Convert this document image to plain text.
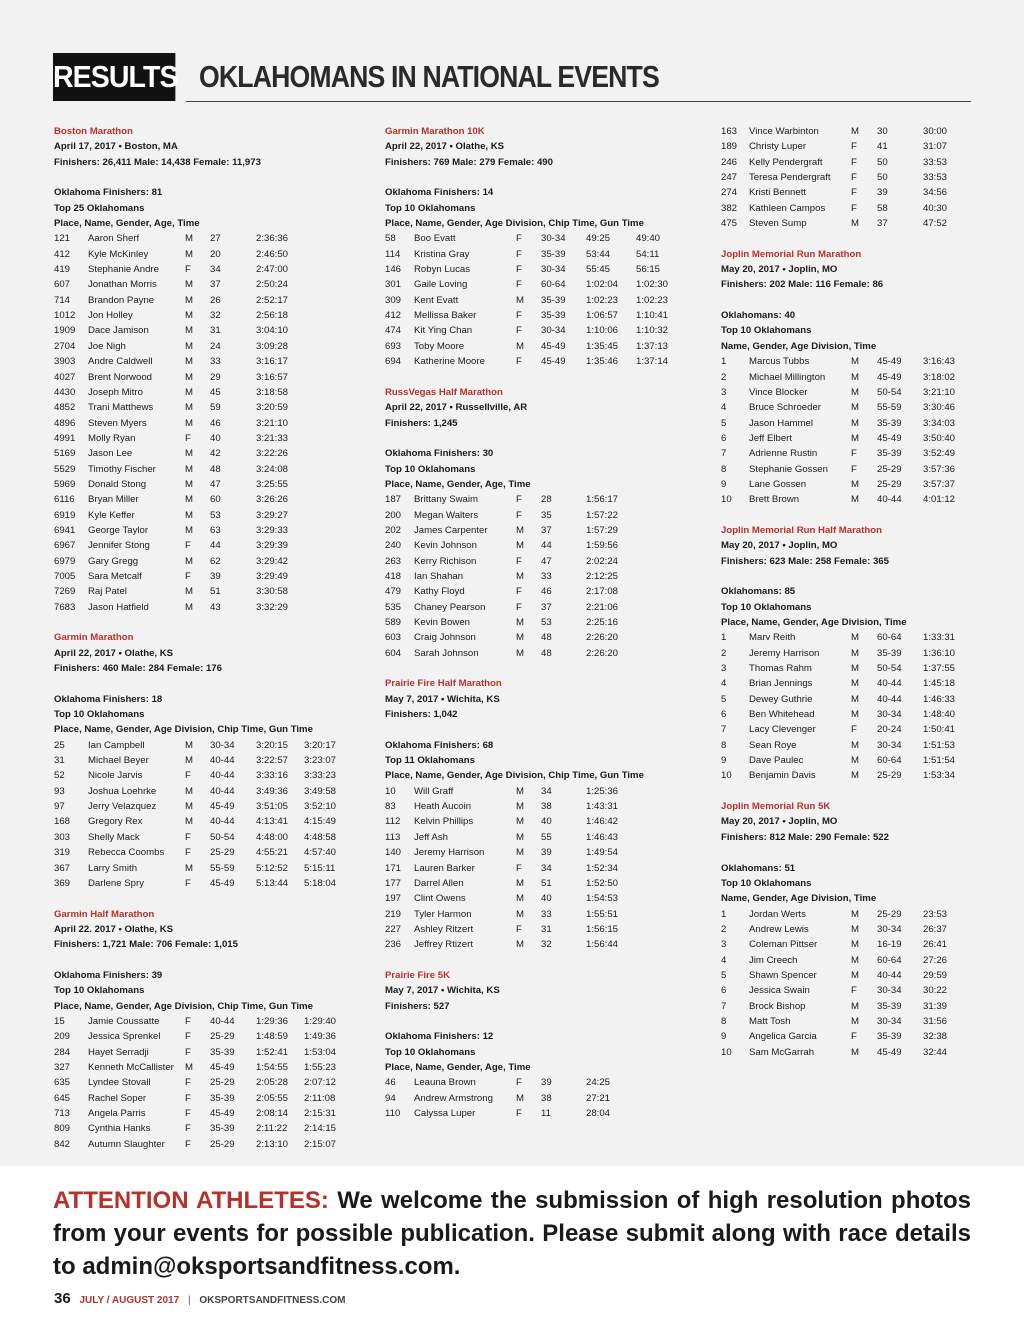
RESULTS OKLAHOMANS IN NATIONAL EVENTS
Boston Marathon
April 17, 2017 • Boston, MA
Finishers: 26,411 Male: 14,438 Female: 11,973
Oklahoma Finishers: 81
Top 25 Oklahomans
Place, Name, Gender, Age, Time
121 Aaron Sherf	M 27	2:36:36
412 Kyle McKinley	M 20	2:46:50
419 Stephanie Andre	F 34	2:47:00
607 Jonathan Morris	M 37	2:50:24
714 Brandon Payne	M 26	2:52:17
1012 Jon Holley	M 32	2:56:18
1909 Dace Jamison	M 31	3:04:10
2704 Joe Nigh	M 24	3:09:28
3903 Andre Caldwell	M 33	3:16:17
4027 Brent Norwood	M 29	3:16:57
4430 Joseph Mitro	M 45	3:18:58
4852 Trani Matthews	M 59	3:20:59
4896 Steven Myers	M 46	3:21:10
4991 Molly Ryan	F 40	3:21:33
5169 Jason Lee	M 42	3:22:26
5529 Timothy Fischer	M 48	3:24:08
5969 Donald Stong	M 47	3:25:55
6116 Bryan Miller	M 60	3:26:26
6919 Kyle Keffer	M 53	3:29:27
6941 George Taylor	M 63	3:29:33
6967 Jennifer Stong	F 44	3:29:39
6979 Gary Gregg	M 62	3:29:42
7005 Sara Metcalf	F 39	3:29:49
7269 Raj Patel	M 51	3:30:58
7683 Jason Hatfield	M 43	3:32:29
Garmin Marathon
April 22, 2017 • Olathe, KS
Finishers: 460 Male: 284 Female: 176
Oklahoma Finishers: 18
Top 10 Oklahomans
Place, Name, Gender, Age Division, Chip Time, Gun Time
25 Ian Campbell	M 30-34 3:20:15 3:20:17
31 Michael Beyer	M 40-44 3:22:57 3:23:07
52 Nicole Jarvis	F 40-44 3:33:16 3:33:23
93 Joshua Loehrke	M 40-44 3:49:36 3:49:58
97 Jerry Velazquez	M 45-49 3:51:05 3:52:10
168 Gregory Rex	M 40-44 4:13:41 4:15:49
303 Shelly Mack	F 50-54 4:48:00 4:48:58
319 Rebecca Coombs F 25-29 4:55:21 4:57:40
367 Larry Smith	M 55-59 5:12:52 5:15:11
369 Darlene Spry	F 45-49 5:13:44 5:18:04
Garmin Half Marathon
April 22. 2017 • Olathe, KS
Finishers: 1,721 Male: 706 Female: 1,015
Oklahoma Finishers: 39
Top 10 Oklahomans
Place, Name, Gender, Age Division, Chip Time, Gun Time
15 Jamie Coussatte	F 40-44 1:29:36 1:29:40
209 Jessica Sprenkel	F 25-29 1:48:59 1:49:36
284 Hayet Serradji	F 35-39 1:52:41 1:53:04
327 Kenneth McCallister M 45-49 1:54:55 1:55:23
635 Lyndee Stovall	F 25-29 2:05:28 2:07:12
645 Rachel Soper	F 35-39 2:05:55 2:11:08
713 Angela Parris	F 45-49 2:08:14 2:15:31
809 Cynthia Hanks	F 35-39 2:11:22 2:14:15
842 Autumn Slaughter F 25-29 2:13:10 2:15:07
Garmin Marathon 10K
April 22, 2017 • Olathe, KS
Finishers: 769 Male: 279 Female: 490
Oklahoma Finishers: 14
Top 10 Oklahomans
Place, Name, Gender, Age Division, Chip Time, Gun Time
58 Boo Evatt	F 30-34 49:25	49:40
114 Kristina Gray	F 35-39 53:44	54:11
146 Robyn Lucas	F 30-34 55:45	56:15
301 Gaile Loving	F 60-64 1:02:04 1:02:30
309 Kent Evatt	M 35-39 1:02:23 1:02:23
412 Mellissa Baker	F 35-39 1:06:57 1:10:41
474 Kit Ying Chan	F 30-34 1:10:06 1:10:32
693 Toby Moore	M 45-49 1:35:45 1:37:13
694 Katherine Moore	F 45-49 1:35:46 1:37:14
RussVegas Half Marathon
April 22, 2017 • Russellville, AR
Finishers: 1,245
Oklahoma Finishers: 30
Top 10 Oklahomans
Place, Name, Gender, Age, Time
187 Brittany Swaim	F 28	1:56:17
200 Megan Walters	F 35	1:57:22
202 James Carpenter	M 37	1:57:29
240 Kevin Johnson	M 44	1:59:56
263 Kerry Richison	F 47	2:02:24
418 Ian Shahan	M 33	2:12:25
479 Kathy Floyd	F 46	2:17:08
535 Chaney Pearson	F 37	2:21:06
589 Kevin Bowen	M 53	2:25:16
603 Craig Johnson	M 48	2:26:20
604 Sarah Johnson	M 48	2:26:20
Prairie Fire Half Marathon
May 7, 2017 • Wichita, KS
Finishers: 1,042
Oklahoma Finishers: 68
Top 11 Oklahomans
Place, Name, Gender, Age Division, Chip Time, Gun Time
10 Will Graff	M 34	1:25:36
83 Heath Aucoin	M 38	1:43:31
112 Kelvin Phillips	M 40	1:46:42
113 Jeff Ash	M 55	1:46:43
140 Jeremy Harrison	M 39	1:49:54
171 Lauren Barker	F 34	1:52:34
177 Darrel Allen	M 51	1:52:50
197 Clint Owens	M 40	1:54:53
219 Tyler Harmon	M 33	1:55:51
227 Ashley Ritzert	F 31	1:56:15
236 Jeffrey Rtizert	M 32	1:56:44
Prairie Fire 5K
May 7, 2017 • Wichita, KS
Finishers: 527
Oklahoma Finishers: 12
Top 10 Oklahomans
Place, Name, Gender, Age, Time
46 Leauna Brown	F 39	24:25
94 Andrew Armstrong M 38	27:21
110 Calyssa Luper	F 11	28:04
163 Vince Warbinton	M 30	30:00
189 Christy Luper	F 41	31:07
246 Kelly Pendergraft	F 50	33:53
247 Teresa Pendergraft F 50	33:53
274 Kristi Bennett	F 39	34:56
382 Kathleen Campos	F 58	40:30
475 Steven Sump	M 37	47:52
Joplin Memorial Run Marathon
May 20, 2017 • Joplin, MO
Finishers: 202 Male: 116 Female: 86
Oklahomans: 40
Top 10 Oklahomans
Name, Gender, Age Division, Time
1 Marcus Tubbs	M 45-49 3:16:43
2 Michael Millington	M 45-49 3:18:02
3 Vince Blocker	M 50-54 3:21:10
4 Bruce Schroeder	M 55-59 3:30:46
5 Jason Hammel	M 35-39 3:34:03
6 Jeff Elbert	M 45-49 3:50:40
7 Adrienne Rustin	F 35-39 3:52:49
8 Stephanie Gossen F 25-29 3:57:36
9 Lane Gossen	M 25-29 3:57:37
10 Brett Brown	M 40-44 4:01:12
Joplin Memorial Run Half Marathon
May 20, 2017 • Joplin, MO
Finishers: 623 Male: 258 Female: 365
Oklahomans: 85
Top 10 Oklahomans
Place, Name, Gender, Age Division, Time
1 Marv Reith	M 60-64 1:33:31
2 Jeremy Harrison	M 35-39 1:36:10
3 Thomas Rahm	M 50-54 1:37:55
4 Brian Jennings	M 40-44 1:45:18
5 Dewey Guthrie	M 40-44 1:46:33
6 Ben Whitehead	M 30-34 1:48:40
7 Lacy Clevenger	F 20-24 1:50:41
8 Sean Roye	M 30-34 1:51:53
9 Dave Paulec	M 60-64 1:51:54
10 Benjamin Davis	M 25-29 1:53:34
Joplin Memorial Run 5K
May 20, 2017 • Joplin, MO
Finishers: 812 Male: 290 Female: 522
Oklahomans: 51
Top 10 Oklahomans
Name, Gender, Age Division, Time
1 Jordan Werts	M 25-29 23:53
2 Andrew Lewis	M 30-34 26:37
3 Coleman Pittser	M 16-19 26:41
4 Jim Creech	M 60-64 27:26
5 Shawn Spencer	M 40-44 29:59
6 Jessica Swain	F 30-34 30:22
7 Brock Bishop	M 35-39 31:39
8 Matt Tosh	M 30-34 31:56
9 Angelica Garcia	F 35-39 32:38
10 Sam McGarrah	M 45-49 32:44
ATTENTION ATHLETES: We welcome the submission of high resolution photos from your events for possible publication. Please submit along with race details to admin@oksportsandfitness.com.
36 JULY / AUGUST 2017 | OKSPORTSANDFITNESS.COM
